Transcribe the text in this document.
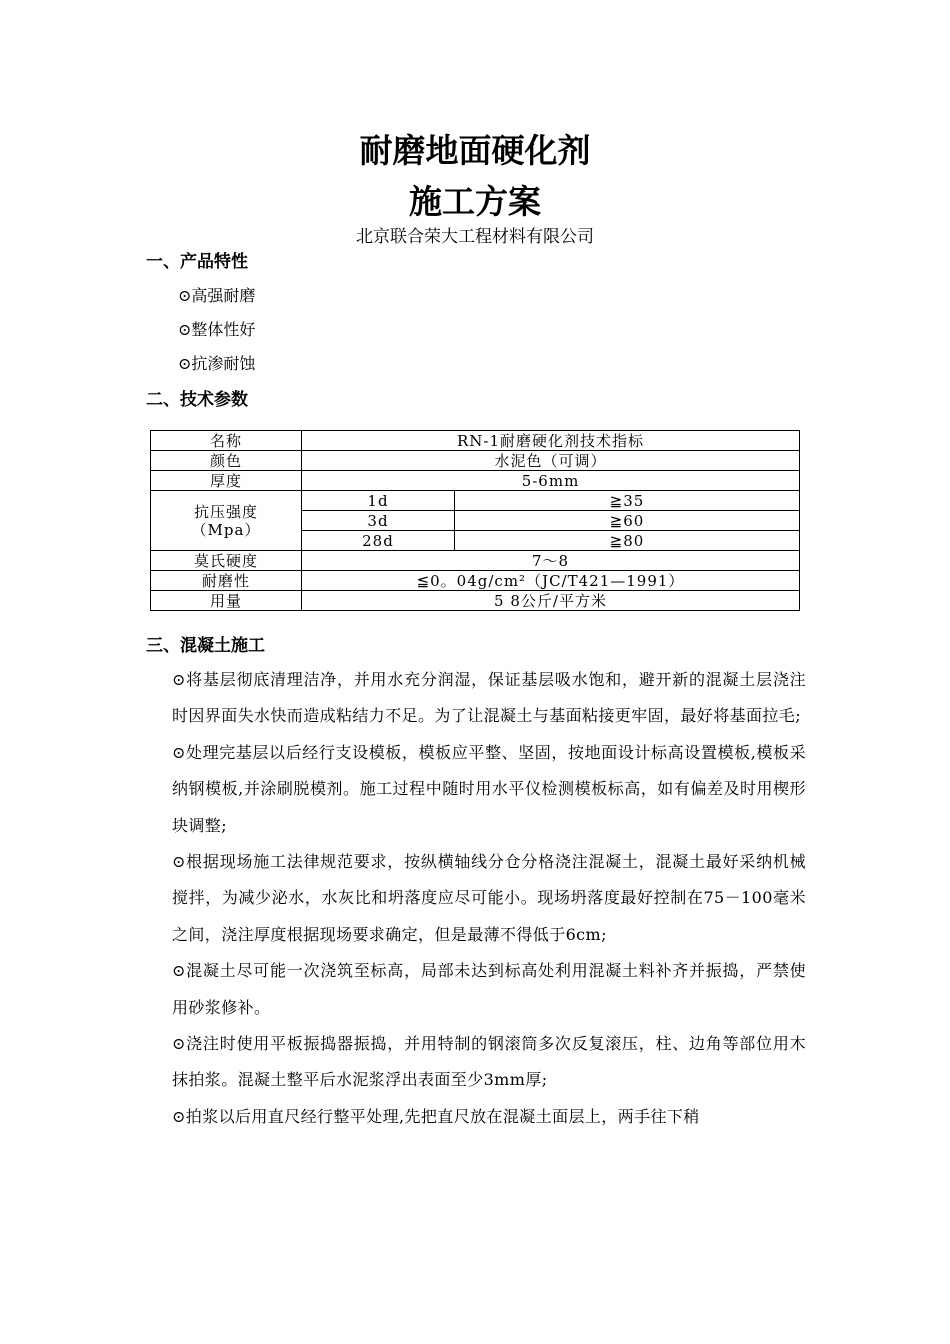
耐磨地面硬化剂
施工方案
北京联合荣大工程材料有限公司
一、产品特性
⊙高强耐磨
⊙整体性好
⊙抗渗耐蚀
二、技术参数
名称	RN-1耐磨硬化剂技术指标	
颜色	水泥色（可调）	
厚度	5-6mm	

抗压强度
（Mpa）	1d	≧35
	3d	≧60
	28d	≧80
莫氏硬度	7～8	
耐磨性	≦0。04g/cm²（JC/T421—1991）	
用量	5 8公斤/平方米	
三、混凝土施工

⊙将基层彻底清理洁净，并用水充分润湿，保证基层吸水饱和，避开新的混凝土层浇注时因界面失水快而造成粘结力不足。为了让混凝土与基面粘接更牢固，最好将基面拉毛;

⊙处理完基层以后经行支设模板，模板应平整、坚固，按地面设计标高设置模板,模板采纳钢模板,并涂刷脱模剂。施工过程中随时用水平仪检测模板标高，如有偏差及时用楔形块调整;

⊙根据现场施工法律规范要求，按纵横轴线分仓分格浇注混凝土，混凝土最好采纳机械搅拌，为减少泌水，水灰比和坍落度应尽可能小。现场坍落度最好控制在75－100毫米之间，浇注厚度根据现场要求确定，但是最薄不得低于6cm;

⊙混凝土尽可能一次浇筑至标高，局部未达到标高处利用混凝土料补齐并振捣，严禁使用砂浆修补。

⊙浇注时使用平板振捣器振捣，并用特制的钢滚筒多次反复滚压，柱、边角等部位用木抹拍浆。混凝土整平后水泥浆浮出表面至少3mm厚;

⊙拍浆以后用直尺经行整平处理,先把直尺放在混凝土面层上，两手往下稍
